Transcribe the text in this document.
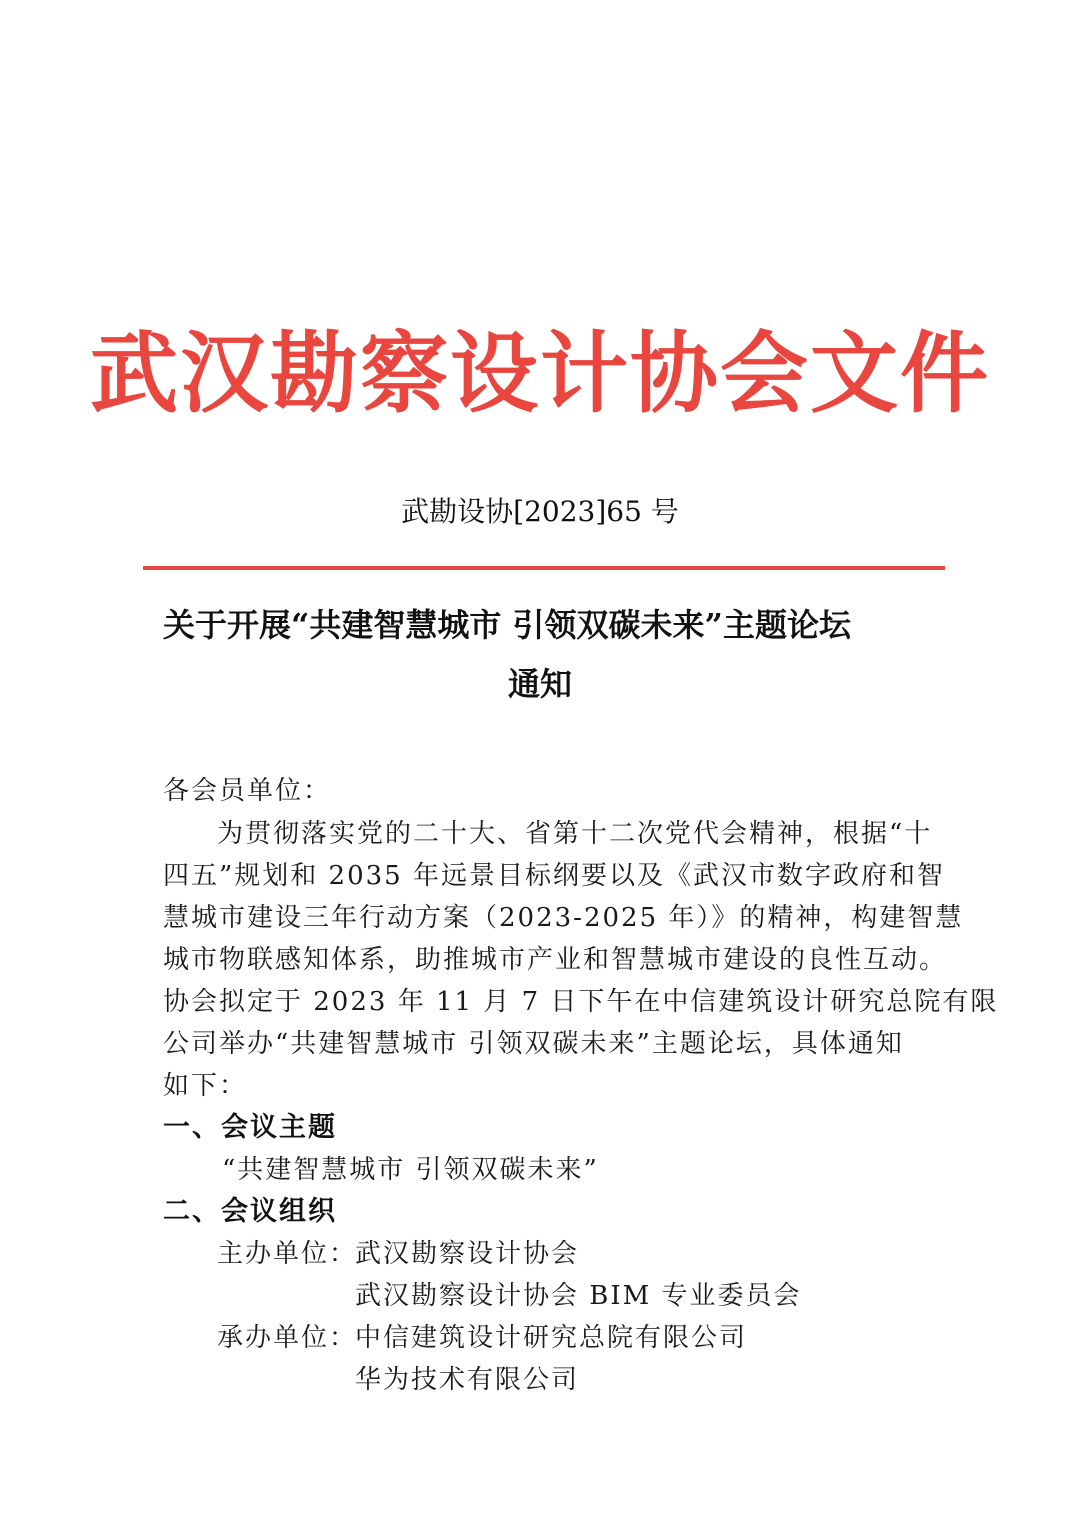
武汉勘察设计协会文件
武勘设协[2023]65 号
关于开展“共建智慧城市 引领双碳未来”主题论坛
通知
各会员单位：
为贯彻落实党的二十大、省第十二次党代会精神，根据“十
四五”规划和 2035 年远景目标纲要以及《武汉市数字政府和智
慧城市建设三年行动方案（2023-2025 年）》的精神，构建智慧
城市物联感知体系，助推城市产业和智慧城市建设的良性互动。
协会拟定于 2023 年 11 月 7 日下午在中信建筑设计研究总院有限
公司举办“共建智慧城市 引领双碳未来”主题论坛，具体通知
如下：
一、会议主题
“共建智慧城市 引领双碳未来”
二、会议组织
主办单位：
武汉勘察设计协会
武汉勘察设计协会 BIM 专业委员会
承办单位：
中信建筑设计研究总院有限公司
华为技术有限公司
